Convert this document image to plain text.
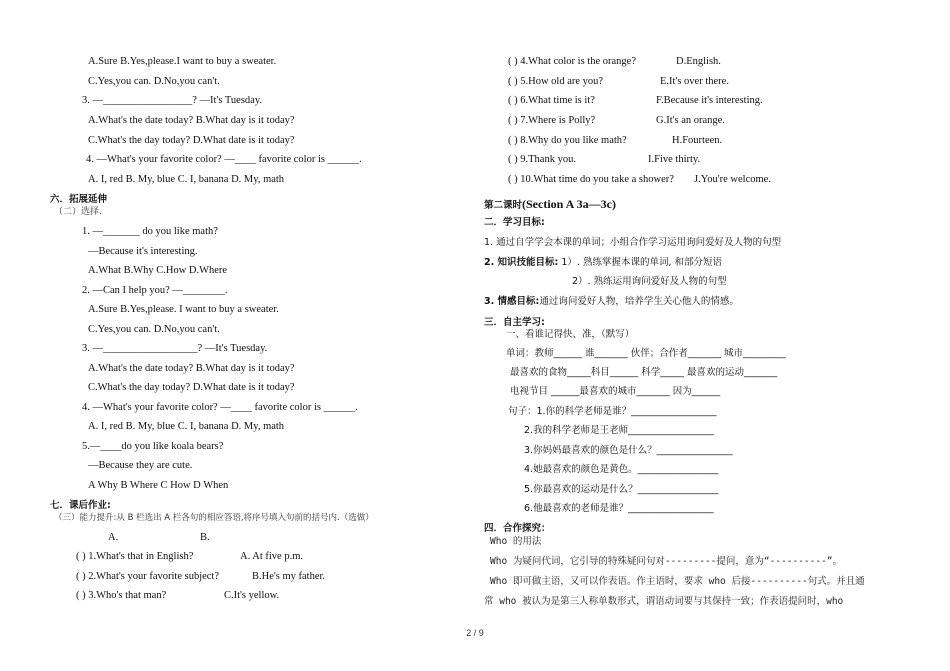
A.Sure B.Yes,please.I want to buy a sweater.
C.Yes,you can. D.No,you can't.
3. —_________________? —It's Tuesday.
A.What's the date today? B.What day is it today?
C.What's the day today? D.What date is it today?
4. —What's your favorite color? —____ favorite color is ______.
A. I, red B. My, blue C. I, banana D. My, math
六．拓展延伸
（二）选择.
1. —_______ do you like math?
—Because it's interesting.
A.What B.Why C.How D.Where
2. —Can I help you? —________.
A.Sure B.Yes,please. I want to buy a sweater.
C.Yes,you can. D.No,you can't.
3. —__________________? —It's Tuesday.
A.What's the date today? B.What day is it today?
C.What's the day today? D.What date is it today?
4. —What's your favorite color? —____ favorite color is ______.
A. I, red B. My, blue C. I, banana D. My, math
5.—____do you like koala bears?
—Because they are cute.
A Why B Where C How D When
七．课后作业:
（三）能力提升:从 B 栏选出 A 栏各句的相应答语,将序号填入句前的括号内.（选做）
A.	B.
( ) 1.What's that in English?	A. At five p.m.
( ) 2.What's your favorite subject?	B.He's my father.
( ) 3.Who's that man?	C.It's yellow.
( ) 4.What color is the orange?	D.English.
( ) 5.How old are you?	E.It's over there.
( ) 6.What time is it?	F.Because it's interesting.
( ) 7.Where is Polly?	G.It's an orange.
( ) 8.Why do you like math?	H.Fourteen.
( ) 9.Thank you.	I.Five thirty.
( ) 10.What time do you take a shower? J.You're welcome.
第二课时(Section A 3a—3c)
二．学习目标:
1. 通过自学学会本课的单词；小组合作学习运用询问爱好及人物的句型
2. 知识技能目标: 1）. 熟练掌握本课的单词, 和部分短语
2）. 熟练运用询问爱好及人物的句型
3. 情感目标:通过询问爱好人物，培养学生关心他人的情感。
三．自主学习:
一、看谁记得快、准，（默写）
单词：教师______ 谁_______ 伙伴；合作者_______ 城市_________
最喜欢的食物_____科目______ 科学_____ 最喜欢的运动_______
电视节目 ______最喜欢的城市_______ 因为______
句子：1.你的科学老师是谁？__________________
2.我的科学老师是王老师__________________
3.你妈妈最喜欢的颜色是什么？________________
4.她最喜欢的颜色是黄色。_________________
5.你最喜欢的运动是什么？_________________
6.他最喜欢的老师是谁？__________________
四．合作探究：
Who 的用法
Who 为疑问代词，它引导的特殊疑问句对---------提问，意为“----------”。
Who 即可做主语，又可以作表语。作主语时，要求 who 后接----------句式。并且通
常 who 被认为是第三人称单数形式，谓语动词要与其保持一致；作表语提问时，who
2 / 9
